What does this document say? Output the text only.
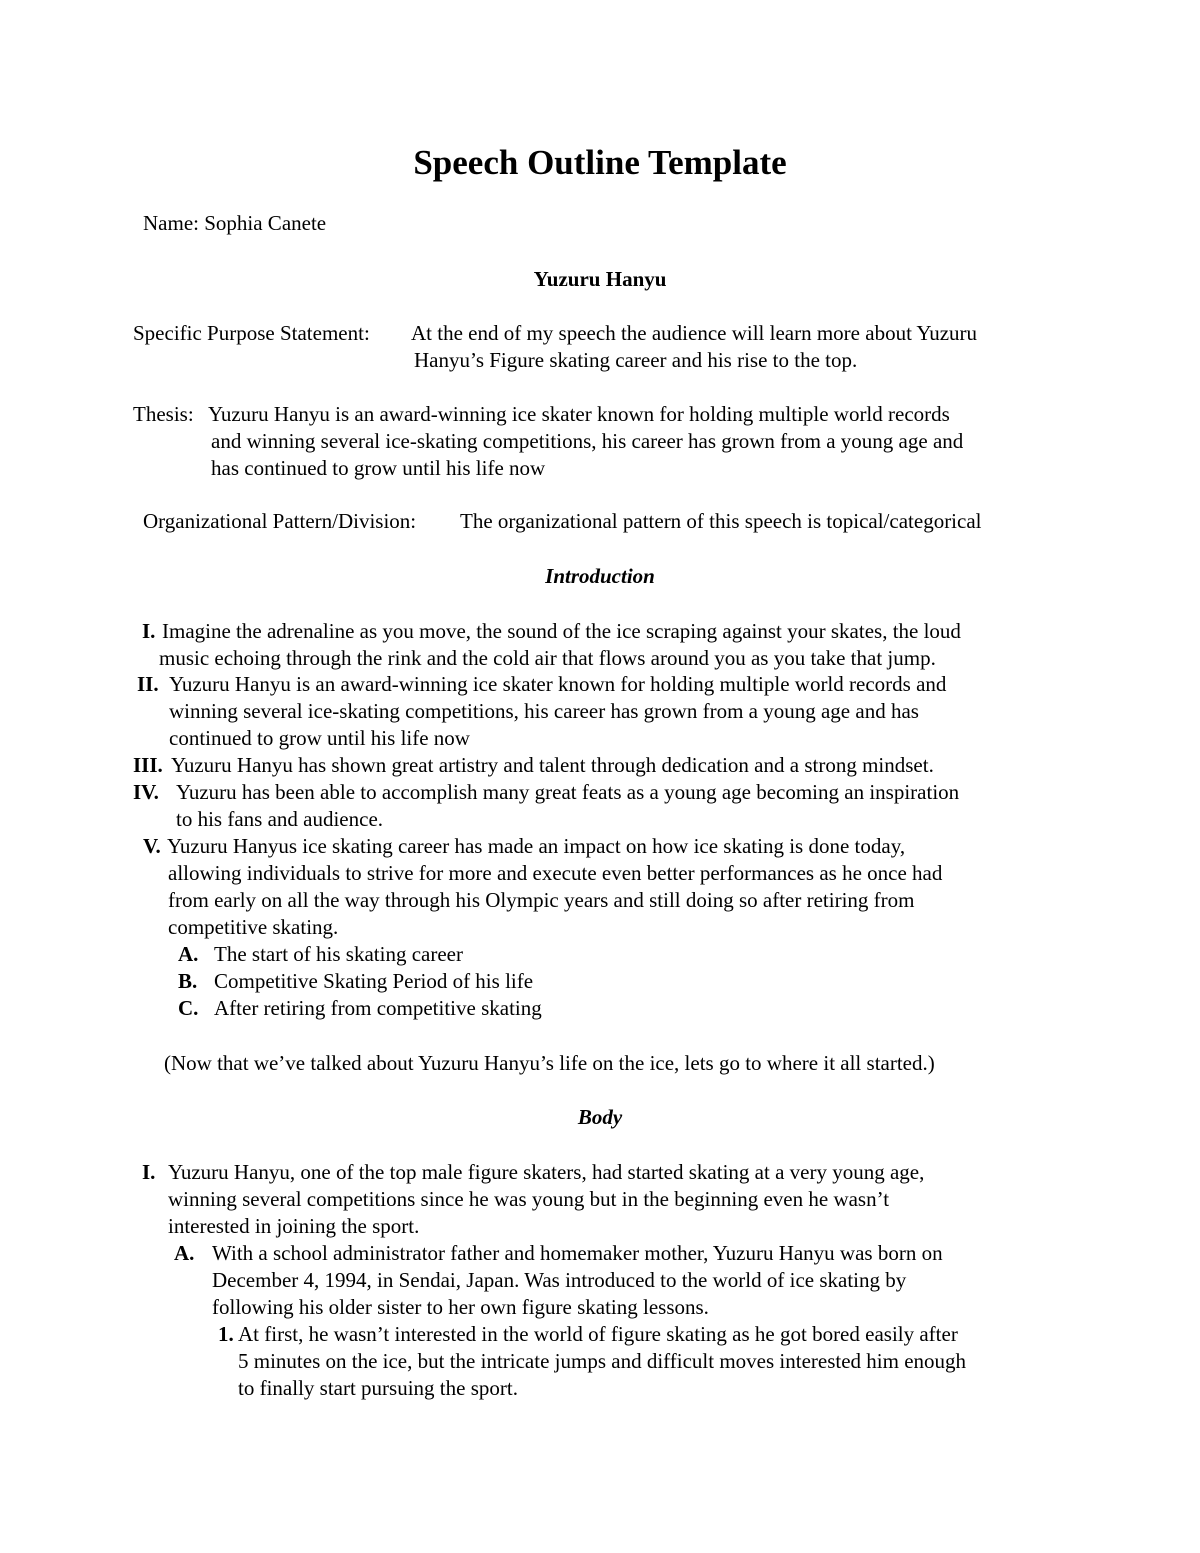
Speech Outline Template

Name: Sophia Canete

Yuzuru Hanyu

Specific Purpose Statement: At the end of my speech the audience will learn more about Yuzuru

Hanyu’s Figure skating career and his rise to the top.

Thesis: Yuzuru Hanyu is an award-winning ice skater known for holding multiple world records

and winning several ice-skating competitions, his career has grown from a young age and

has continued to grow until his life now

Organizational Pattern/Division: The organizational pattern of this speech is topical/categorical

Introduction

I. Imagine the adrenaline as you move, the sound of the ice scraping against your skates, the loud

music echoing through the rink and the cold air that flows around you as you take that jump.

II. Yuzuru Hanyu is an award-winning ice skater known for holding multiple world records and

winning several ice-skating competitions, his career has grown from a young age and has

continued to grow until his life now

III. Yuzuru Hanyu has shown great artistry and talent through dedication and a strong mindset.

IV. Yuzuru has been able to accomplish many great feats as a young age becoming an inspiration

to his fans and audience.

V. Yuzuru Hanyus ice skating career has made an impact on how ice skating is done today,

allowing individuals to strive for more and execute even better performances as he once had

from early on all the way through his Olympic years and still doing so after retiring from

competitive skating.

A. The start of his skating career

B. Competitive Skating Period of his life

C. After retiring from competitive skating

(Now that we’ve talked about Yuzuru Hanyu’s life on the ice, lets go to where it all started.)

Body

I. Yuzuru Hanyu, one of the top male figure skaters, had started skating at a very young age,

winning several competitions since he was young but in the beginning even he wasn’t

interested in joining the sport.

A. With a school administrator father and homemaker mother, Yuzuru Hanyu was born on

December 4, 1994, in Sendai, Japan. Was introduced to the world of ice skating by

following his older sister to her own figure skating lessons.

1. At first, he wasn’t interested in the world of figure skating as he got bored easily after

5 minutes on the ice, but the intricate jumps and difficult moves interested him enough

to finally start pursuing the sport.
